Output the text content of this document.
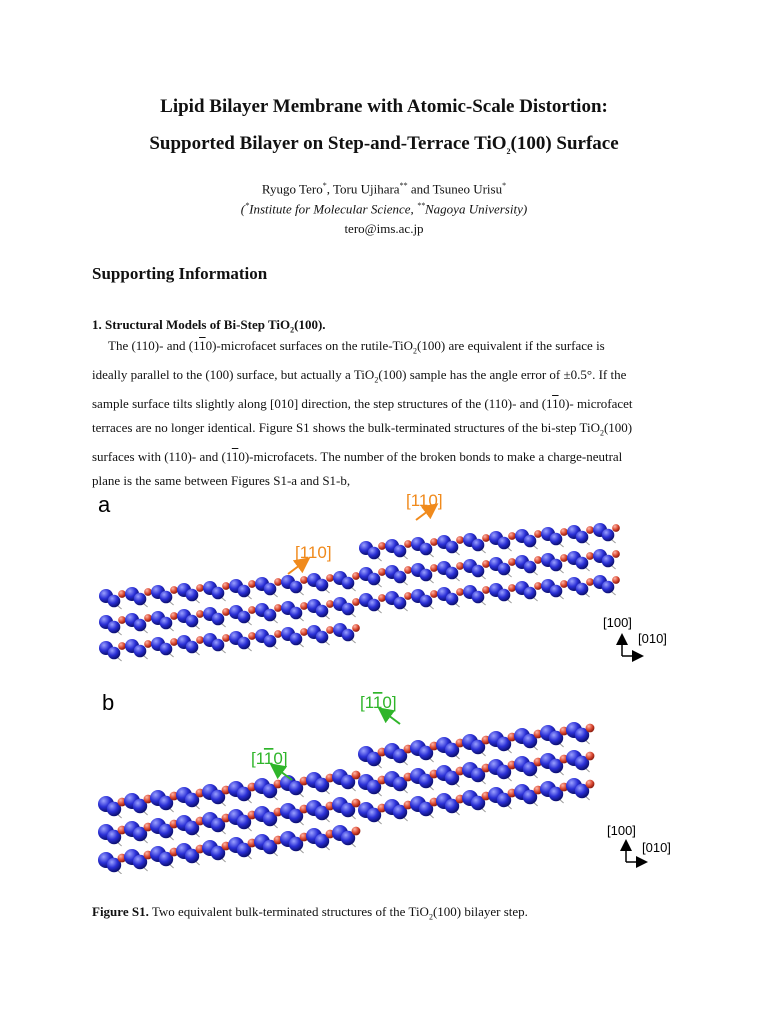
Lipid Bilayer Membrane with Atomic-Scale Distortion:
Supported Bilayer on Step-and-Terrace TiO$_2$(100) Surface
Ryugo Tero*, Toru Ujihara** and Tsuneo Urisu*
(*Institute for Molecular Science, **Nagoya University)
tero@ims.ac.jp
Supporting Information
1. Structural Models of Bi-Step TiO$_2$(100).
The (110)- and (110)-microfacet surfaces on the rutile-TiO$_2$(100) are equivalent if the surface is
ideally parallel to the (100) surface, but actually a TiO$_2$(100) sample has the angle error of ±0.5°. If the
sample surface tilts slightly along [010] direction, the step structures of the (110)- and (110)- microfacet
terraces are no longer identical. Figure S1 shows the bulk-terminated structures of the bi-step TiO$_2$(100)
surfaces with (110)- and (110)-microfacets. The number of the broken bonds to make a charge-neutral
plane is the same between Figures S1-a and S1-b,
a	[110]
[110]
[100]
[010]
b	[110]
[110]
[100]
[010]
Figure S1. Two equivalent bulk-terminated structures of the TiO$_2$(100) bilayer step.
